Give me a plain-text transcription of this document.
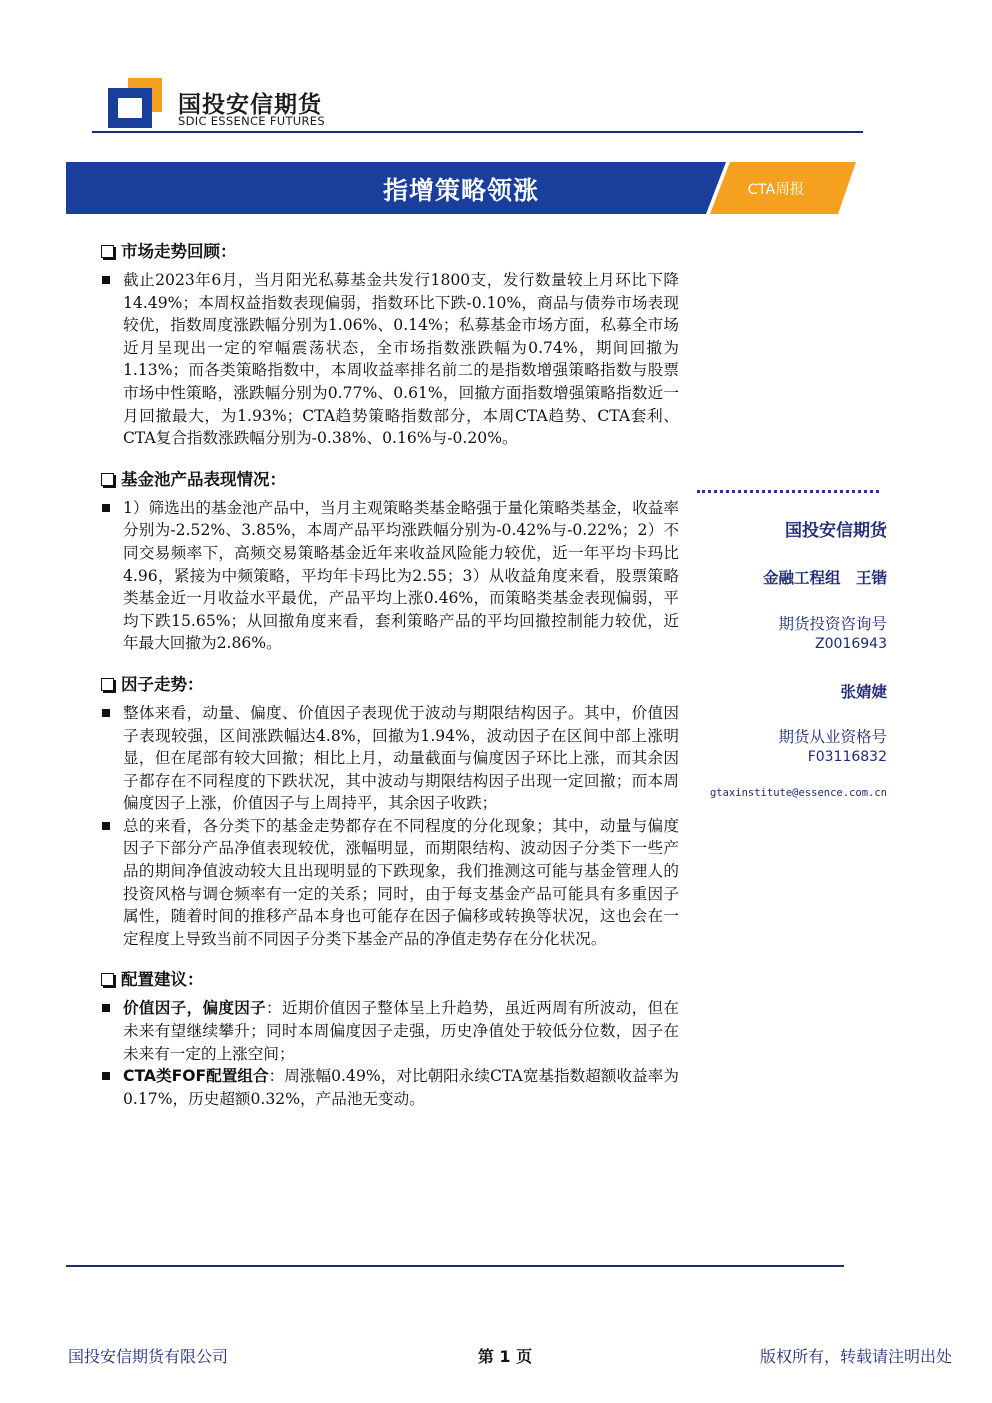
国投安信期货
SDIC ESSENCE FUTURES
指增策略领涨	CTA周报
市场走势回顾：
截止2023年6月，当月阳光私募基金共发行1800支，发行数量较上月环比下降14.49%；本周权益指数表现偏弱，指数环比下跌-0.10%，商品与债券市场表现较优，指数周度涨跌幅分别为1.06%、0.14%；私募基金市场方面，私募全市场近月呈现出一定的窄幅震荡状态，全市场指数涨跌幅为0.74%，期间回撤为1.13%；而各类策略指数中，本周收益率排名前二的是指数增强策略指数与股票市场中性策略，涨跌幅分别为0.77%、0.61%，回撤方面指数增强策略指数近一月回撤最大，为1.93%；CTA趋势策略指数部分，本周CTA趋势、CTA套利、CTA复合指数涨跌幅分别为-0.38%、0.16%与-0.20%。
基金池产品表现情况：
1）筛选出的基金池产品中，当月主观策略类基金略强于量化策略类基金，收益率分别为-2.52%、3.85%，本周产品平均涨跌幅分别为-0.42%与-0.22%；2）不同交易频率下，高频交易策略基金近年来收益风险能力较优，近一年平均卡玛比4.96，紧接为中频策略，平均年卡玛比为2.55；3）从收益角度来看，股票策略类基金近一月收益水平最优，产品平均上涨0.46%，而策略类基金表现偏弱，平均下跌15.65%；从回撤角度来看，套利策略产品的平均回撤控制能力较优，近年最大回撤为2.86%。
因子走势：
整体来看，动量、偏度、价值因子表现优于波动与期限结构因子。其中，价值因子表现较强，区间涨跌幅达4.8%，回撤为1.94%，波动因子在区间中部上涨明显，但在尾部有较大回撤；相比上月，动量截面与偏度因子环比上涨，而其余因子都存在不同程度的下跌状况，其中波动与期限结构因子出现一定回撤；而本周偏度因子上涨，价值因子与上周持平，其余因子收跌；
总的来看，各分类下的基金走势都存在不同程度的分化现象；其中，动量与偏度因子下部分产品净值表现较优，涨幅明显，而期限结构、波动因子分类下一些产品的期间净值波动较大且出现明显的下跌现象，我们推测这可能与基金管理人的投资风格与调仓频率有一定的关系；同时，由于每支基金产品可能具有多重因子属性，随着时间的推移产品本身也可能存在因子偏移或转换等状况，这也会在一定程度上导致当前不同因子分类下基金产品的净值走势存在分化状况。
配置建议：
价值因子，偏度因子：近期价值因子整体呈上升趋势，虽近两周有所波动，但在未来有望继续攀升；同时本周偏度因子走强，历史净值处于较低分位数，因子在未来有一定的上涨空间；
CTA类FOF配置组合：周涨幅0.49%，对比朝阳永续CTA宽基指数超额收益率为0.17%，历史超额0.32%，产品池无变动。
国投安信期货
金融工程组　王锴
期货投资咨询号
Z0016943
张婧婕
期货从业资格号
F03116832
gtaxinstitute@essence.com.cn
国投安信期货有限公司	第 1 页	版权所有，转载请注明出处
